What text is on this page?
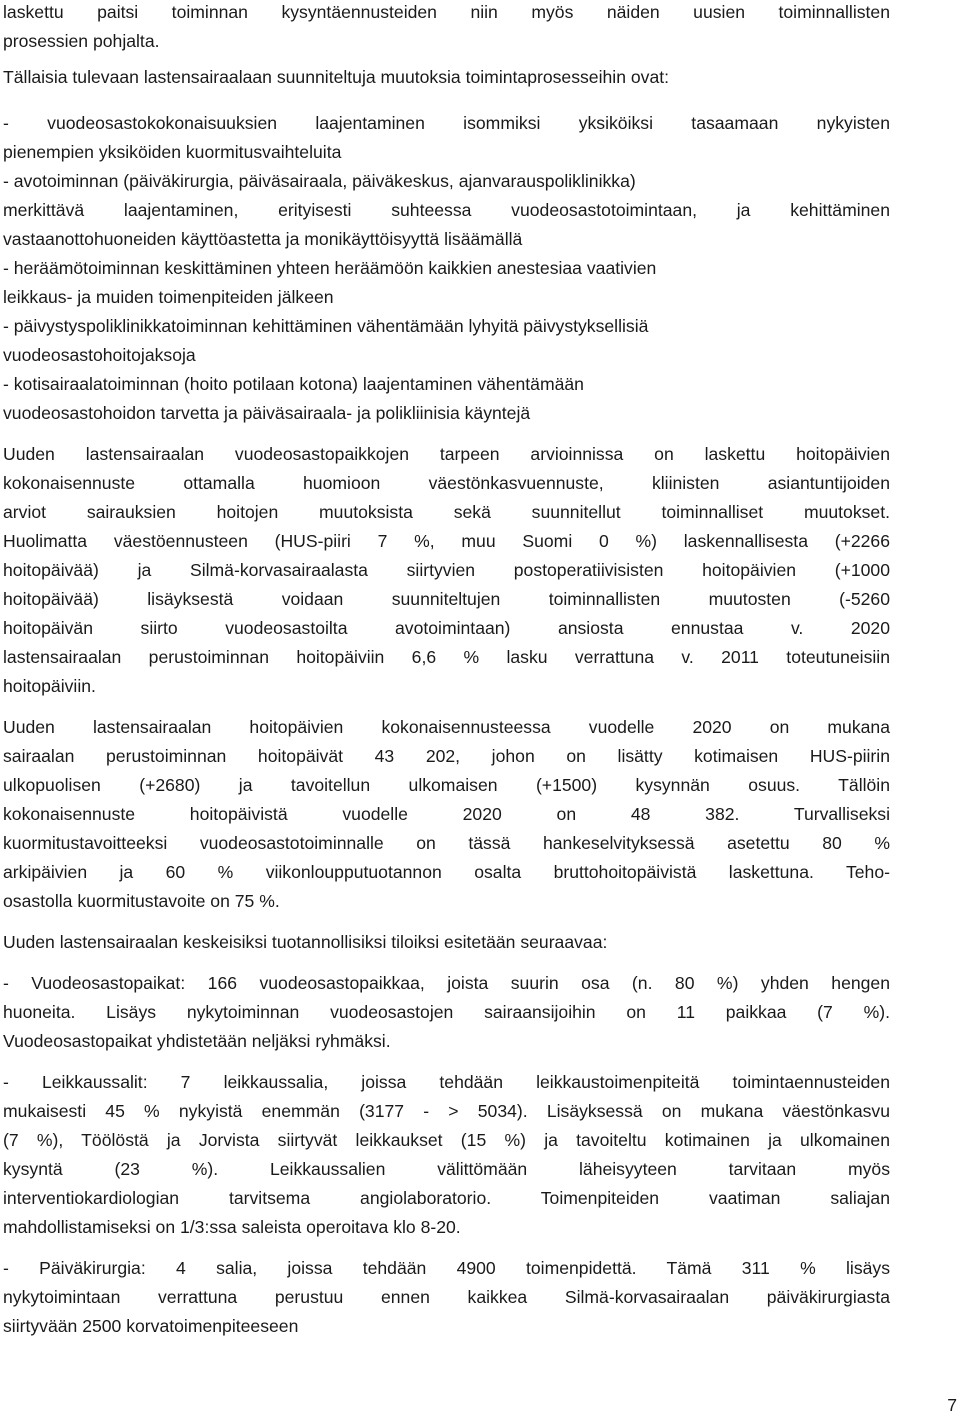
laskettu paitsi toiminnan kysyntäennusteiden niin myös näiden uusien toiminnallisten
prosessien pohjalta.
Tällaisia tulevaan lastensairaalaan suunniteltuja muutoksia toimintaprosesseihin ovat:
- vuodeosastokokonaisuuksien laajentaminen isommiksi yksiköiksi tasaamaan nykyisten
pienempien yksiköiden kuormitusvaihteluita
- avotoiminnan (päiväkirurgia, päiväsairaala, päiväkeskus, ajanvarauspoliklinikka)
merkittävä laajentaminen, erityisesti suhteessa vuodeosastotoimintaan, ja kehittäminen
vastaanottohuoneiden käyttöastetta ja monikäyttöisyyttä lisäämällä
- heräämötoiminnan keskittäminen yhteen heräämöön kaikkien anestesiaa vaativien
leikkaus- ja muiden toimenpiteiden jälkeen
- päivystyspoliklinikkatoiminnan kehittäminen vähentämään lyhyitä päivystyksellisiä
vuodeosastohoitojaksoja
- kotisairaalatoiminnan (hoito potilaan kotona) laajentaminen vähentämään
vuodeosastohoidon tarvetta ja päiväsairaala- ja polikliinisia käyntejä
Uuden lastensairaalan vuodeosastopaikkojen tarpeen arvioinnissa on laskettu hoitopäivien
kokonaisennuste ottamalla huomioon väestönkasvuennuste, kliinisten asiantuntijoiden
arviot sairauksien hoitojen muutoksista sekä suunnitellut toiminnalliset muutokset.
Huolimatta väestöennusteen (HUS-piiri 7 %, muu Suomi 0 %) laskennallisesta (+2266
hoitopäivää) ja Silmä-korvasairaalasta siirtyvien postoperatiivisisten hoitopäivien (+1000
hoitopäivää) lisäyksestä voidaan suunniteltujen toiminnallisten muutosten (-5260
hoitopäivän siirto vuodeosastoilta avotoimintaan) ansiosta ennustaa v. 2020
lastensairaalan perustoiminnan hoitopäiviin 6,6 % lasku verrattuna v. 2011 toteutuneisiin
hoitopäiviin.
Uuden lastensairaalan hoitopäivien kokonaisennusteessa vuodelle 2020 on mukana
sairaalan perustoiminnan hoitopäivät 43 202, johon on lisätty kotimaisen HUS-piirin
ulkopuolisen (+2680) ja tavoitellun ulkomaisen (+1500) kysynnän osuus. Tällöin
kokonaisennuste hoitopäivistä vuodelle 2020 on 48 382. Turvalliseksi
kuormitustavoitteeksi vuodeosastotoiminnalle on tässä hankeselvityksessä asetettu 80 %
arkipäivien ja 60 % viikonloupputuotannon osalta bruttohoitopäivistä laskettuna. Teho-
osastolla kuormitustavoite on 75 %.
Uuden lastensairaalan keskeisiksi tuotannollisiksi tiloiksi esitetään seuraavaa:
- Vuodeosastopaikat: 166 vuodeosastopaikkaa, joista suurin osa (n. 80 %) yhden hengen
huoneita. Lisäys nykytoiminnan vuodeosastojen sairaansijoihin on 11 paikkaa (7 %).
Vuodeosastopaikat yhdistetään neljäksi ryhmäksi.
- Leikkaussalit: 7 leikkaussalia, joissa tehdään leikkaustoimenpiteitä toimintaennusteiden
mukaisesti 45 % nykyistä enemmän (3177 - > 5034). Lisäyksessä on mukana väestönkasvu
(7 %), Töölöstä ja Jorvista siirtyvät leikkaukset (15 %) ja tavoiteltu kotimainen ja ulkomainen
kysyntä (23 %). Leikkaussalien välittömään läheisyyteen tarvitaan myös
interventiokardiologian tarvitsema angiolaboratorio. Toimenpiteiden vaatiman saliajan
mahdollistamiseksi on 1/3:ssa saleista operoitava klo 8-20.
- Päiväkirurgia: 4 salia, joissa tehdään 4900 toimenpidettä. Tämä 311 % lisäys
nykytoimintaan verrattuna perustuu ennen kaikkea Silmä-korvasairaalan päiväkirurgiasta
siirtyvään 2500 korvatoimenpiteeseen
7
